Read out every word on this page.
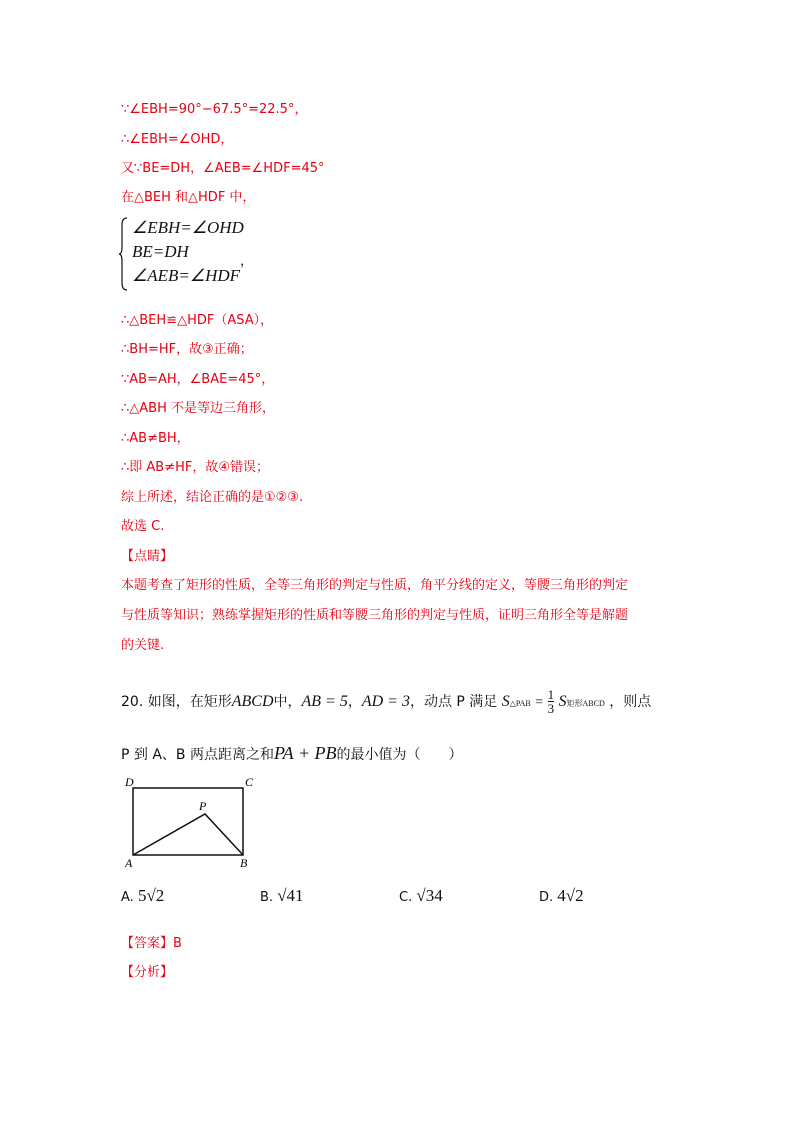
∵∠EBH=90°−67.5°=22.5°，
∴∠EBH=∠OHD，
又∵BE=DH，∠AEB=∠HDF=45°
在△BEH 和△HDF 中，
∠EBH=∠OHD
BE=DH
∠AEB=∠HDF
，
∴△BEH≌△HDF（ASA），
∴BH=HF，故③正确；
∵AB=AH，∠BAE=45°，
∴△ABH 不是等边三角形，
∴AB≠BH，
∴即 AB≠HF，故④错误；
综上所述，结论正确的是①②③.
故选 C.
【点睛】
本题考查了矩形的性质，全等三角形的判定与性质，角平分线的定义，等腰三角形的判定
与性质等知识；熟练掌握矩形的性质和等腰三角形的判定与性质，证明三角形全等是解题
的关键.
20. 如图，在矩形ABCD中，AB = 5，AD = 3，动点 P 满足 S△PAB = $\frac{1}{3}$ S矩形ABCD ，则点
P 到 A、B 两点距离之和PA + PB的最小值为（　　）
D	C
P
A	B
A. 5√2	B. √41	C. √34	D. 4√2
【答案】B
【分析】
